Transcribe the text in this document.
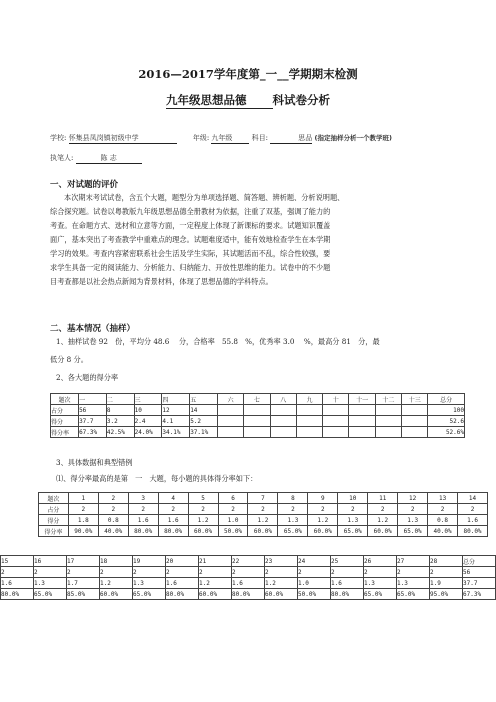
2016—2017学年度第_一__学期期末检测
九年级思想品德 科试卷分析
学校: 怀集县凤岗镇初级中学	年级: 九年级	科目:	思品 (指定抽样分析一个教学班)
执笔人:	陈 志
一、对试题的评价
本次期末考试试卷，含五个大题，题型分为单项选择题、简答题、辨析题、分析说明题、
综合探究题。试卷以粤教版九年级思想品德全册教材为依据，注重了双基，强调了能力的
考查。在命题方式、选材和立意等方面，一定程度上体现了新课标的要求。试题知识覆盖
面广，基本突出了考查教学中重难点的理念。试题难度适中，能有效地检查学生在本学期
学习的效果。考查内容紧密联系社会生活及学生实际，其试题活而不乱，综合性较强，要
求学生具备一定的阅读能力、分析能力、归纳能力、开放性思维的能力。试卷中的不少题
目考查都是以社会热点新闻为背景材料，体现了思想品德的学科特点。
二、基本情况（抽样）
1、抽样试卷 92　份，平均分 48.6　 分，合格率　55.8　%，优秀率 3.0　 %，最高分 81　分，最
低分 8 分。
2、各大题的得分率
题次	一	二	三	四	五	六	七	八	九	十	十一	十二	十三	总分
占分	56	8	10	12	14									100
得分	37.7	3.2	2.4	4.1	5.2									52.6
得分率	67.3%	42.5%	24.0%	34.1%	37.1%									52.6%
3、具体数据和典型错例
⑴、得分率最高的是第　一　大题，每小题的具体得分率如下：
题次	1	2	3	4	5	6	7	8	9	10	11	12	13	14
占分	2	2	2	2	2	2	2	2	2	2	2	2	2	2
得分	1.8	0.8	1.6	1.6	1.2	1.0	1.2	1.3	1.2	1.3	1.2	1.3	0.8	1.6
得分率	90.0%	40.0%	80.0%	80.0%	60.0%	50.0%	60.0%	65.0%	60.0%	65.0%	60.0%	65.0%	40.0%	80.0%
15	16	17	18	19	20	21	22	23	24	25	26	27	28	总分
2	2	2	2	2	2	2	2	2	2	2	2	2	2	56
1.6	1.3	1.7	1.2	1.3	1.6	1.2	1.6	1.2	1.0	1.6	1.3	1.3	1.9	37.7
80.0%	65.0%	85.0%	60.0%	65.0%	80.0%	60.0%	80.0%	60.0%	50.0%	80.0%	65.0%	65.0%	95.0%	67.3%
